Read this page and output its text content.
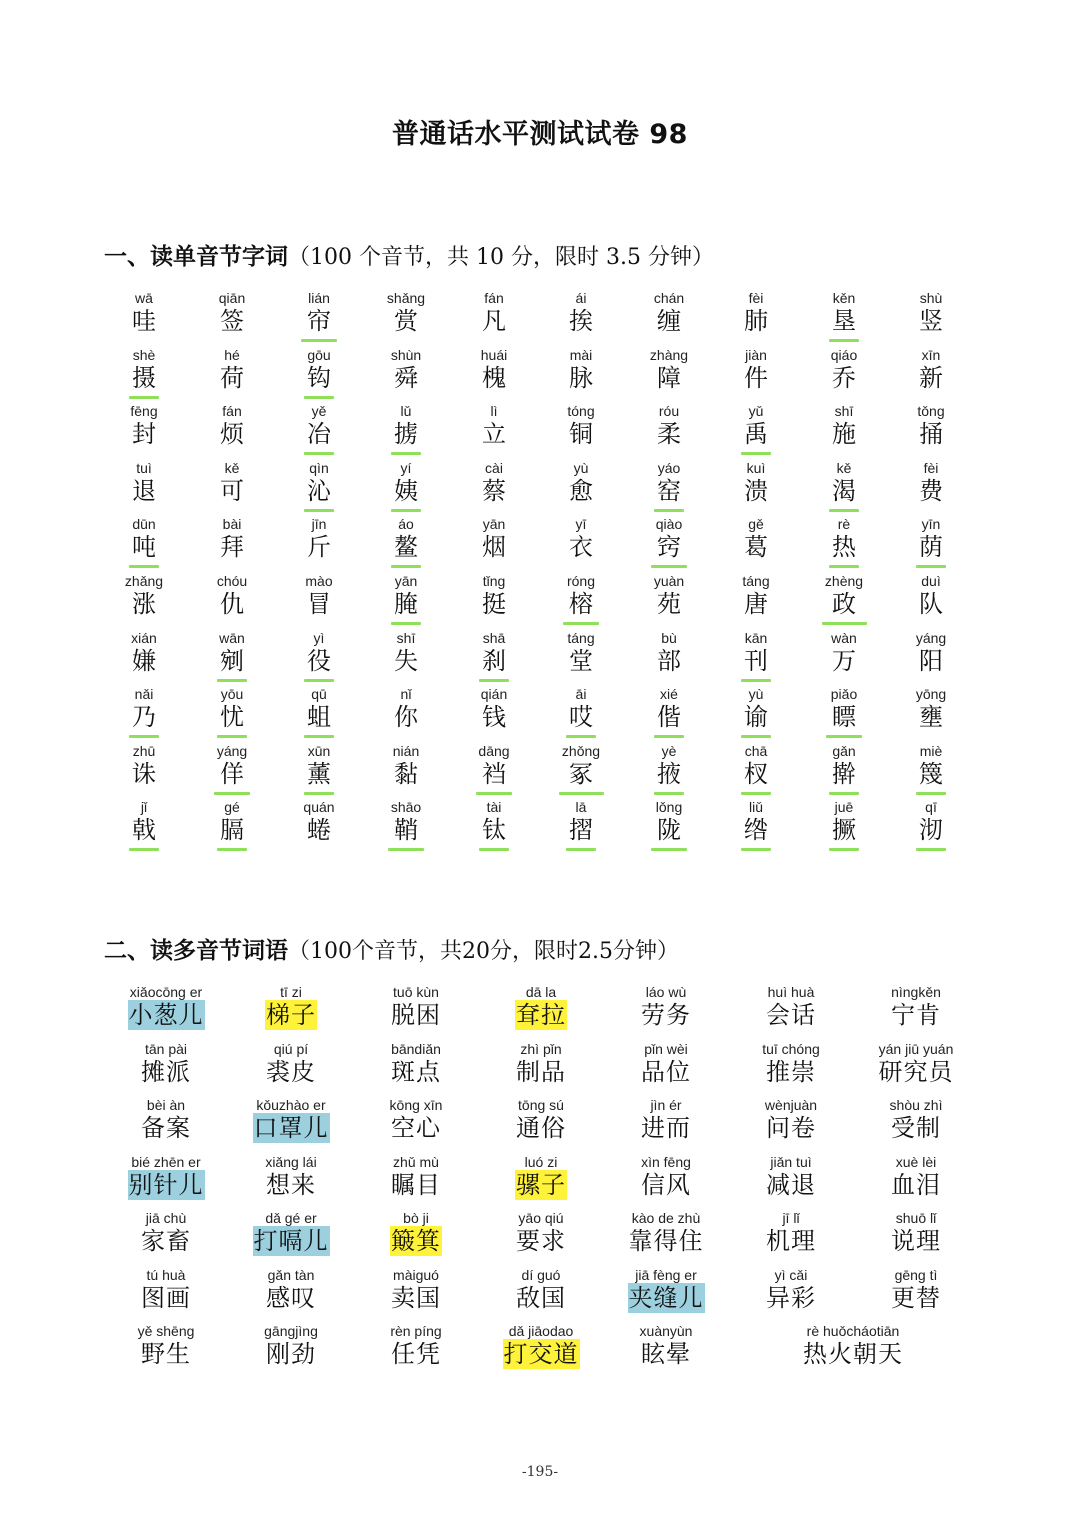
普通话水平测试试卷 98
一、读单音节字词（100 个音节，共 10 分，限时 3.5 分钟）
wā
哇
qiān
签
lián
帘
shǎng
赏
fán
凡
ái
挨
chán
缠
fèi
肺
kěn
垦
shù
竖
shè
摄
hé
荷
gōu
钩
shùn
舜
huái
槐
mài
脉
zhàng
障
jiàn
件
qiáo
乔
xīn
新
fēng
封
fán
烦
yě
冶
lǔ
掳
lì
立
tóng
铜
róu
柔
yǔ
禹
shī
施
tǒng
捅
tuì
退
kě
可
qìn
沁
yí
姨
cài
蔡
yù
愈
yáo
窑
kuì
溃
kě
渴
fèi
费
dūn
吨
bài
拜
jīn
斤
áo
鳌
yān
烟
yī
衣
qiào
窍
gě
葛
rè
热
yīn
荫
zhǎng
涨
chóu
仇
mào
冒
yān
腌
tǐng
挺
róng
榕
yuàn
苑
táng
唐
zhèng
政
duì
队
xián
嫌
wān
剜
yì
役
shī
失
shā
刹
táng
堂
bù
部
kān
刊
wàn
万
yáng
阳
nǎi
乃
yōu
忧
qū
蛆
nǐ
你
qián
钱
āi
哎
xié
偕
yù
谕
piǎo
瞟
yōng
壅
zhū
诛
yáng
佯
xūn
薰
nián
黏
dāng
裆
zhǒng
冢
yè
掖
chā
杈
gǎn
擀
miè
篾
jǐ
戟
gé
膈
quán
蜷
shāo
鞘
tài
钛
lā
摺
lǒng
陇
liǔ
绺
juē
撅
qī
沏
二、读多音节词语（100个音节，共20分，限时2.5分钟）
xiǎocōng er
小葱儿
tī zi
梯子
tuō kùn
脱困
dā la
耷拉
láo wù
劳务
huì huà
会话
nìngkěn
宁肯
tān pài
摊派
qiú pí
裘皮
bāndiǎn
斑点
zhì pǐn
制品
pǐn wèi
品位
tuī chóng
推崇
yán jiū yuán
研究员
bèi àn
备案
kǒuzhào er
口罩儿
kōng xīn
空心
tōng sú
通俗
jìn ér
进而
wènjuàn
问卷
shòu zhì
受制
bié zhēn er
别针儿
xiǎng lái
想来
zhǔ mù
瞩目
luó zi
骡子
xìn fēng
信风
jiǎn tuì
减退
xuè lèi
血泪
jiā chù
家畜
dǎ gé er
打嗝儿
bò ji
簸箕
yāo qiú
要求
kào de zhù
靠得住
jī lǐ
机理
shuō lǐ
说理
tú huà
图画
gǎn tàn
感叹
màiguó
卖国
dí guó
敌国
jiā fèng er
夹缝儿
yì cǎi
异彩
gēng tì
更替
yě shēng
野生
gāngjìng
刚劲
rèn píng
任凭
dǎ jiāodao
打交道
xuànyùn
眩晕
rè huǒcháotiān
热火朝天
-195-
